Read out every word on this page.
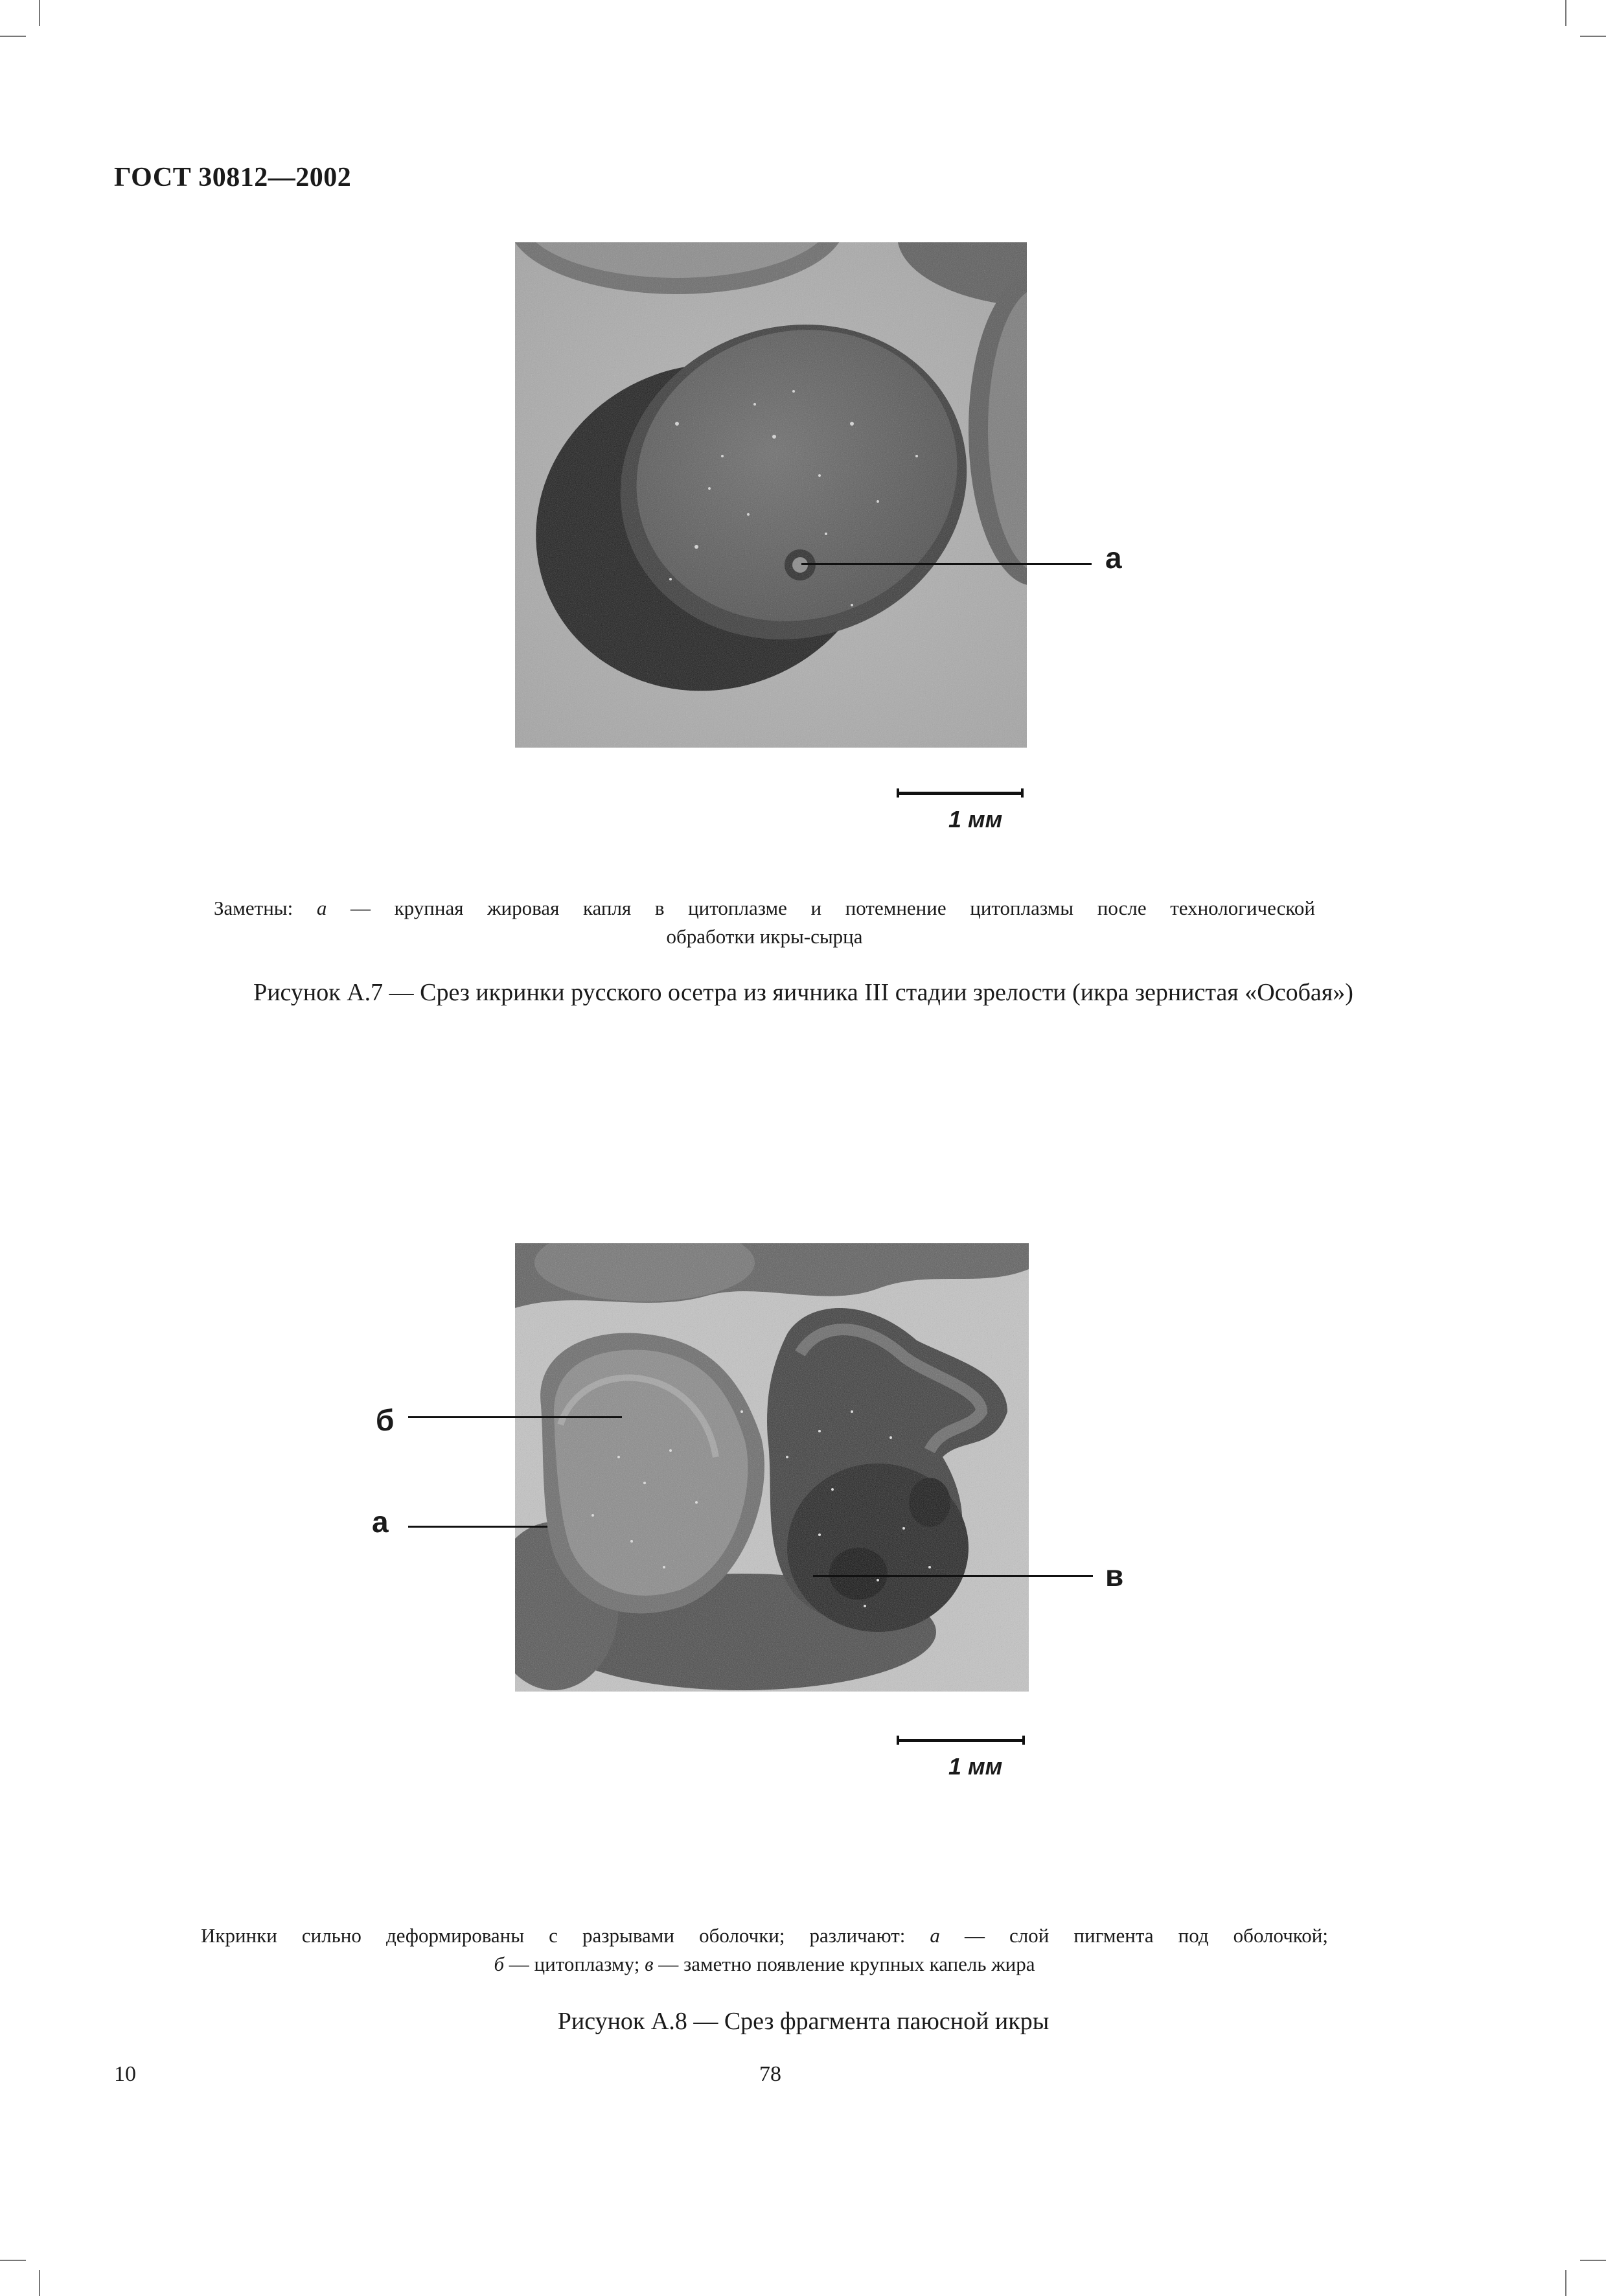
ГОСТ 30812—2002
а
1 мм
Заметны: а — крупная жировая капля в цитоплазме и потемнение цитоплазмы после технологической
обработки икры-сырца
Рисунок А.7 — Срез икринки русского осетра из яичника III стадии зрелости (икра зернистая «Особая»)
б
а
в
1 мм
Икринки сильно деформированы с разрывами оболочки; различают: а — слой пигмента под оболочкой;
б — цитоплазму; в — заметно появление крупных капель жира
Рисунок А.8 — Срез фрагмента паюсной икры
10	78
